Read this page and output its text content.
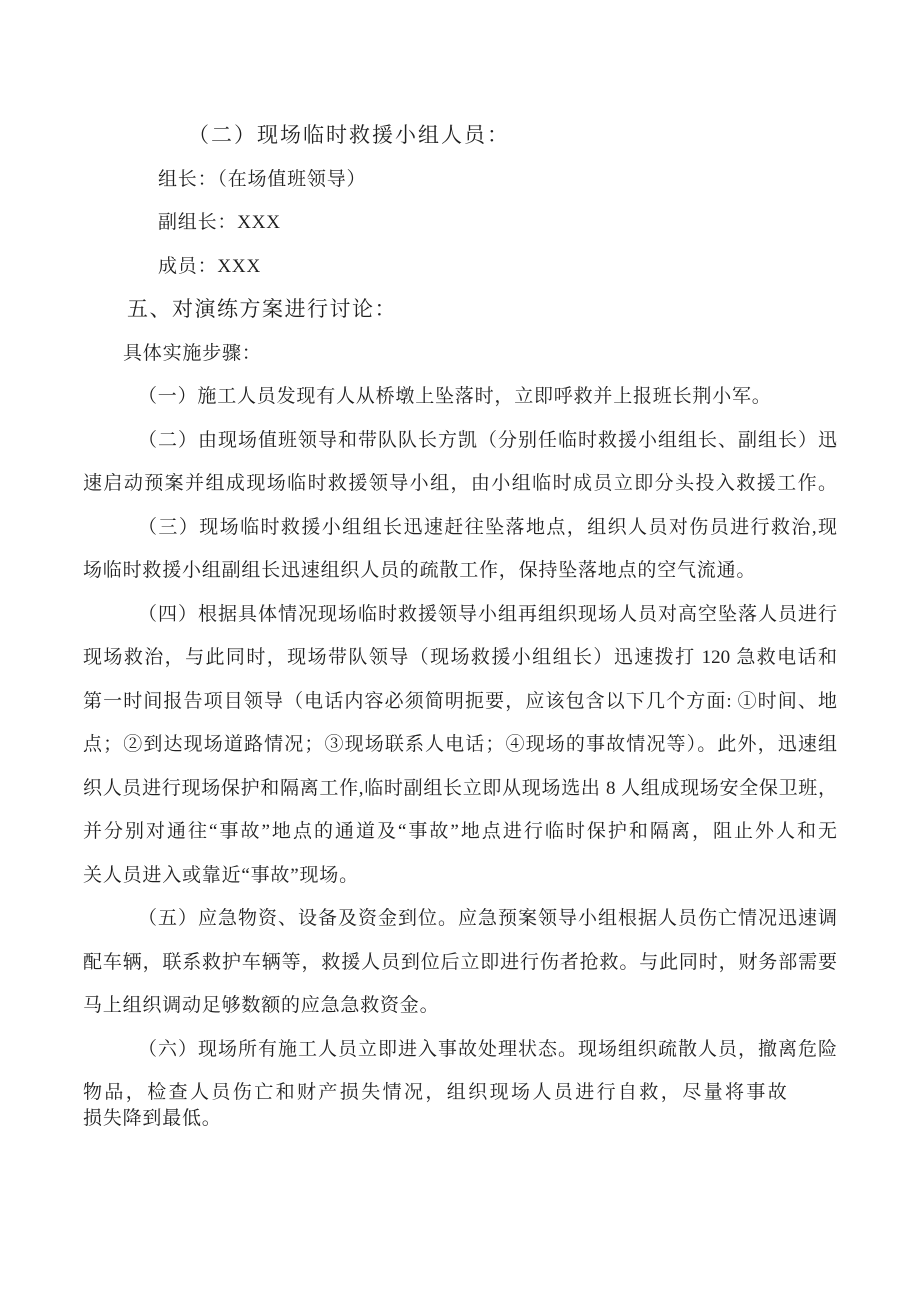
（二）现场临时救援小组人员：
组长：（在场值班领导）
副组长：XXX
成员：XXX
五、对演练方案进行讨论：
具体实施步骤：
（一）施工人员发现有人从桥墩上坠落时，立即呼救并上报班长荆小军。
（二）由现场值班领导和带队队长方凯（分别任临时救援小组组长、副组长）迅
速启动预案并组成现场临时救援领导小组，由小组临时成员立即分头投入救援工作。
（三）现场临时救援小组组长迅速赶往坠落地点，组织人员对伤员进行救治,现
场临时救援小组副组长迅速组织人员的疏散工作，保持坠落地点的空气流通。
（四）根据具体情况现场临时救援领导小组再组织现场人员对高空坠落人员进行
现场救治，与此同时，现场带队领导（现场救援小组组长）迅速拨打 120 急救电话和
第一时间报告项目领导（电话内容必须简明扼要，应该包含以下几个方面: ①时间、地
点；②到达现场道路情况；③现场联系人电话；④现场的事故情况等）。此外，迅速组
织人员进行现场保护和隔离工作,临时副组长立即从现场选出 8 人组成现场安全保卫班，
并分别对通往“事故”地点的通道及“事故”地点进行临时保护和隔离，阻止外人和无
关人员进入或靠近“事故”现场。
（五）应急物资、设备及资金到位。应急预案领导小组根据人员伤亡情况迅速调
配车辆，联系救护车辆等，救援人员到位后立即进行伤者抢救。与此同时，财务部需要
马上组织调动足够数额的应急急救资金。
（六）现场所有施工人员立即进入事故处理状态。现场组织疏散人员，撤离危险
物品，检查人员伤亡和财产损失情况，组织现场人员进行自救，尽量将事故
损失降到最低。
